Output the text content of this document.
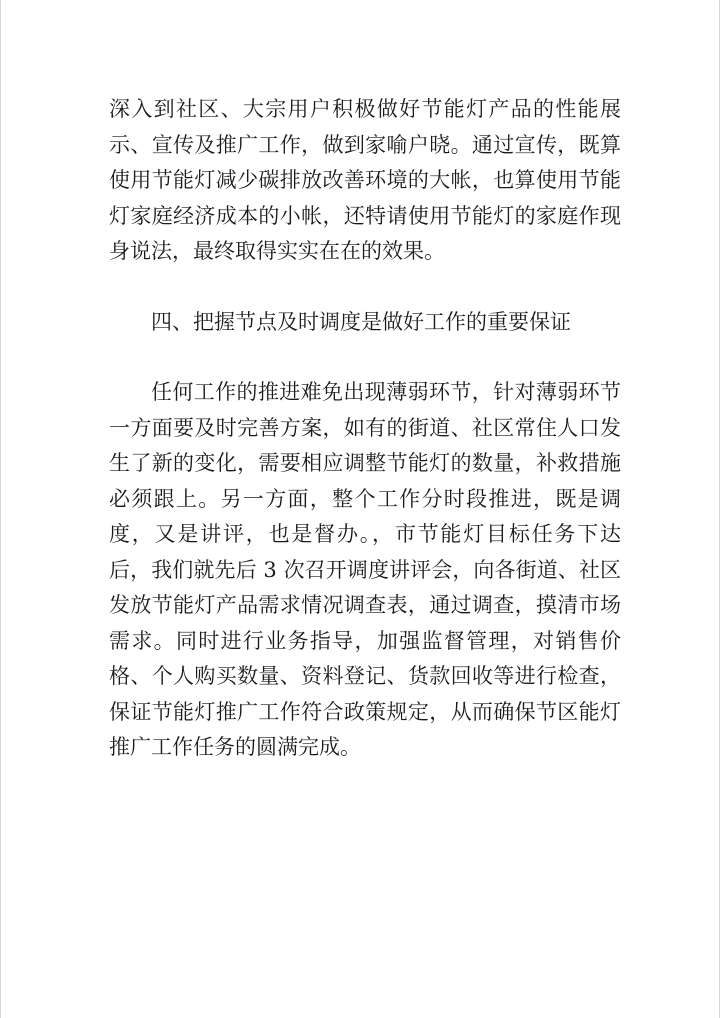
深入到社区、大宗用户积极做好节能灯产品的性能展示、宣传及推广工作，做到家喻户晓。通过宣传，既算使用节能灯减少碳排放改善环境的大帐，也算使用节能灯家庭经济成本的小帐，还特请使用节能灯的家庭作现身说法，最终取得实实在在的效果。

四、把握节点及时调度是做好工作的重要保证

任何工作的推进难免出现薄弱环节，针对薄弱环节一方面要及时完善方案，如有的街道、社区常住人口发生了新的变化，需要相应调整节能灯的数量，补救措施必须跟上。另一方面，整个工作分时段推进，既是调度，又是讲评，也是督办。，市节能灯目标任务下达后，我们就先后 3 次召开调度讲评会，向各街道、社区发放节能灯产品需求情况调查表，通过调查，摸清市场需求。同时进行业务指导，加强监督管理，对销售价格、个人购买数量、资料登记、货款回收等进行检查，保证节能灯推广工作符合政策规定，从而确保节区能灯推广工作任务的圆满完成。
